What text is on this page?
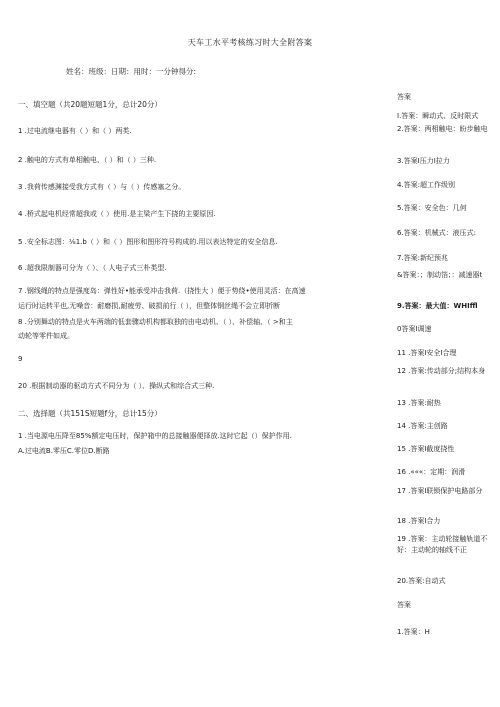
天车工水平考核练习时大全附答案
姓名：班级：日期：用时：一分钟得分:
一、填空题（共20题短题1分，总计20分）
1 .过电流继电器有（ ）和（ ）两类.
2 .触电的方式有单相触电、（ ）和（ ）三种.
3 .我荷传感渊接受我方式有（ ）与（ ）传感塞之分。
4 .桥式起电机经常超我或（ ）使用.是主梁产生下挠的主要原因.
5 .安全标志图：⅛1.b（ ）和（ ）图形和图形符号构成的.用以表达特定的安全信息.
6 .超我限制器可分为（ ）、（ 人电子式三朴类型.
7 .钢线绳的特点是强度岛：弹性好•能承受冲击我荷.（挠性大 ）便于势绕•使用灵活：在高速
运行时运转平也,无噪音：耐磨损,耐疲劳、破损前行（ ），但整体钢丝绳不会立即折断
8 .分别舞动的特点是火车两端的低套骤动机构都取独的由电动机、（ ）、补偿轴、（ >和主
动轮等零件如成。
9
20 .根据制动器的驱动方式不同分为（ ）、操纵式和综合式三种.
二、选择题（共151S短题f分，总计15分）
1 .当电源电压降至85%额定电压时，保护箱中的总接触器便择放.这时它起（）保护作用.
A.过电流B.零压C.零位D.断路
答案
I.答案：瞬动式、反时限式
2.答案：两相触电：盼步触电
3.答案I压力I拉力
4.答案:超工作级别
5.答案：安全色：几何
6.答案：机械式：液压式:
7.答案:新纪预兆
&答案：；制动箔；：减速器t
9.答案：最大值：WHIffl
0答案I调速
11 .答案I安全I合理
12 .答案:传动部分;结构本身
13 .答案:耐热
14 .答案:主创路
15 .答案I截度挠性
16 .«««：定期：润滑
17 .答案I联锁保护电路部分
18 .答案I合力
19 .答案：主动轮接触轨道不好：主动轮的轴线不正
20.答案:自动式
答案
1.答案：H
